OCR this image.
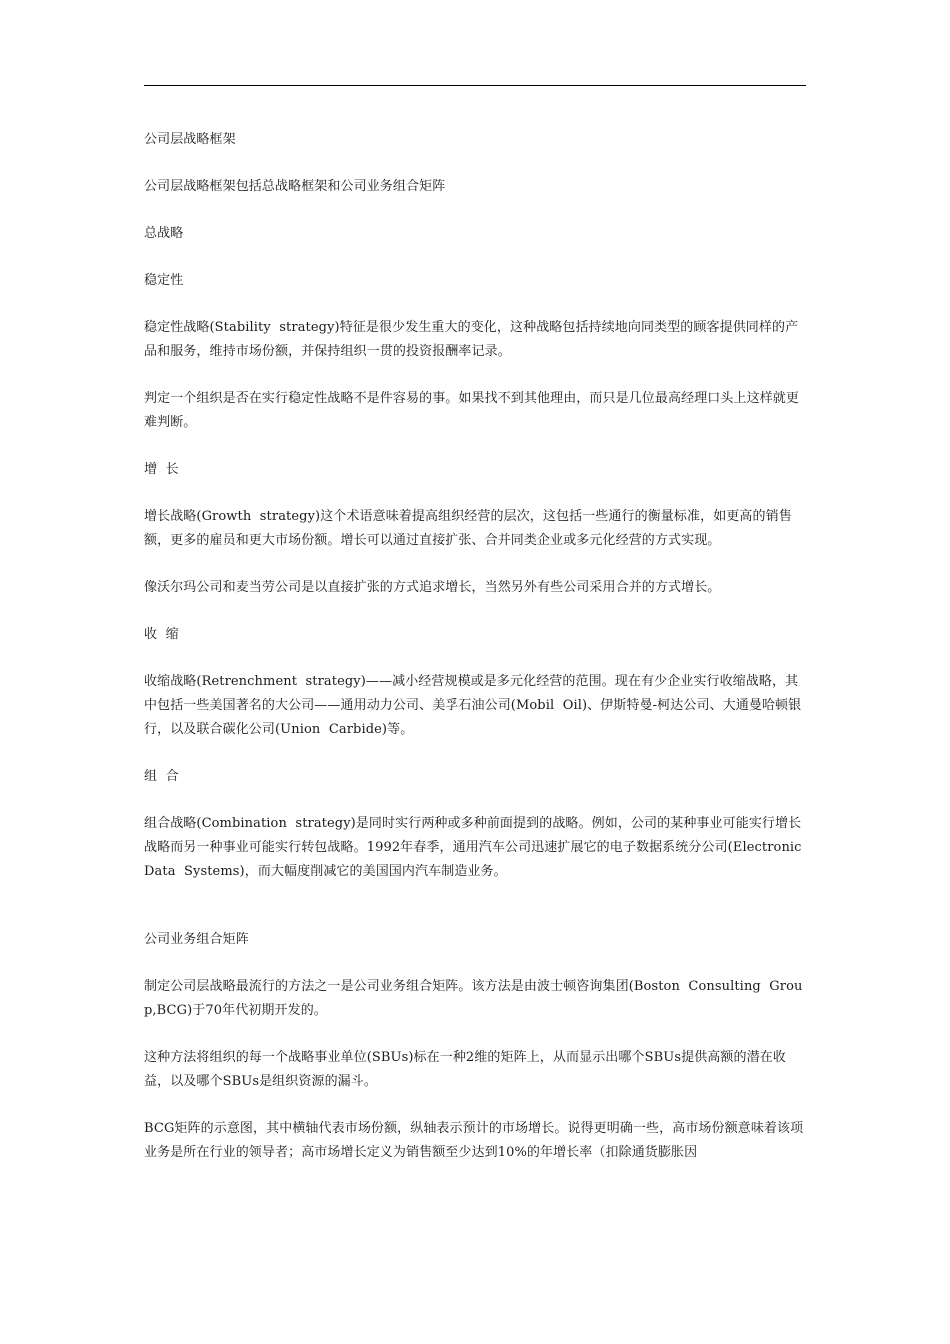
公司层战略框架

公司层战略框架包括总战略框架和公司业务组合矩阵

总战略

稳定性

稳定性战略(Stability  strategy)特征是很少发生重大的变化，这种战略包括持续地向同类型的顾客提供同样的产品和服务，维持市场份额，并保持组织一贯的投资报酬率记录。

判定一个组织是否在实行稳定性战略不是件容易的事。如果找不到其他理由，而只是几位最高经理口头上这样就更难判断。

增  长

增长战略(Growth  strategy)这个术语意味着提高组织经营的层次，这包括一些通行的衡量标准，如更高的销售额，更多的雇员和更大市场份额。增长可以通过直接扩张、合并同类企业或多元化经营的方式实现。

像沃尔玛公司和麦当劳公司是以直接扩张的方式追求增长，当然另外有些公司采用合并的方式增长。

收  缩

收缩战略(Retrenchment  strategy)——减小经营规模或是多元化经营的范围。现在有少企业实行收缩战略，其中包括一些美国著名的大公司——通用动力公司、美孚石油公司(Mobil  Oil)、伊斯特曼-柯达公司、大通曼哈顿银行，以及联合碳化公司(Union  Carbide)等。

组  合

组合战略(Combination  strategy)是同时实行两种或多种前面提到的战略。例如，公司的某种事业可能实行增长战略而另一种事业可能实行转包战略。1992年春季，通用汽车公司迅速扩展它的电子数据系统分公司(Electronic  Data  Systems)，而大幅度削减它的美国国内汽车制造业务。

公司业务组合矩阵

制定公司层战略最流行的方法之一是公司业务组合矩阵。该方法是由波士顿咨询集团(Boston  Consulting  Group,BCG)于70年代初期开发的。

这种方法将组织的每一个战略事业单位(SBUs)标在一种2维的矩阵上，从而显示出哪个SBUs提供高额的潜在收益，以及哪个SBUs是组织资源的漏斗。

BCG矩阵的示意图，其中横轴代表市场份额，纵轴表示预计的市场增长。说得更明确一些，高市场份额意味着该项业务是所在行业的领导者；高市场增长定义为销售额至少达到10%的年增长率（扣除通货膨胀因
